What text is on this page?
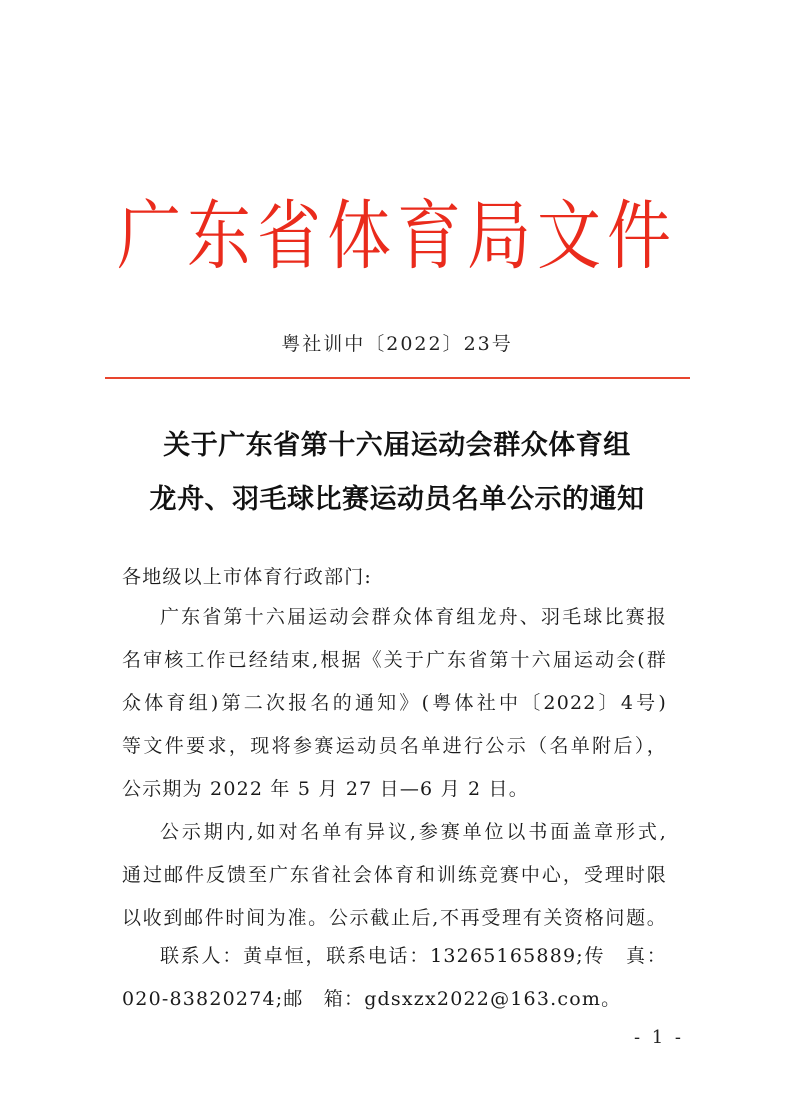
广东省体育局文件
粤社训中〔2022〕23号
关于广东省第十六届运动会群众体育组
龙舟、羽毛球比赛运动员名单公示的通知
各地级以上市体育行政部门:
广东省第十六届运动会群众体育组龙舟、羽毛球比赛报
名审核工作已经结束,根据《关于广东省第十六届运动会(群
众体育组)第二次报名的通知》(粤体社中〔2022〕4号)
等文件要求，现将参赛运动员名单进行公示（名单附后），
公示期为 2022 年 5 月 27 日—6 月 2 日。
公示期内,如对名单有异议,参赛单位以书面盖章形式,
通过邮件反馈至广东省社会体育和训练竞赛中心，受理时限
以收到邮件时间为准。公示截止后,不再受理有关资格问题。
联系人：黄卓恒，联系电话：13265165889;传　真：
020-83820274;邮　箱：gdsxzx2022@163.com。
- 1 -
